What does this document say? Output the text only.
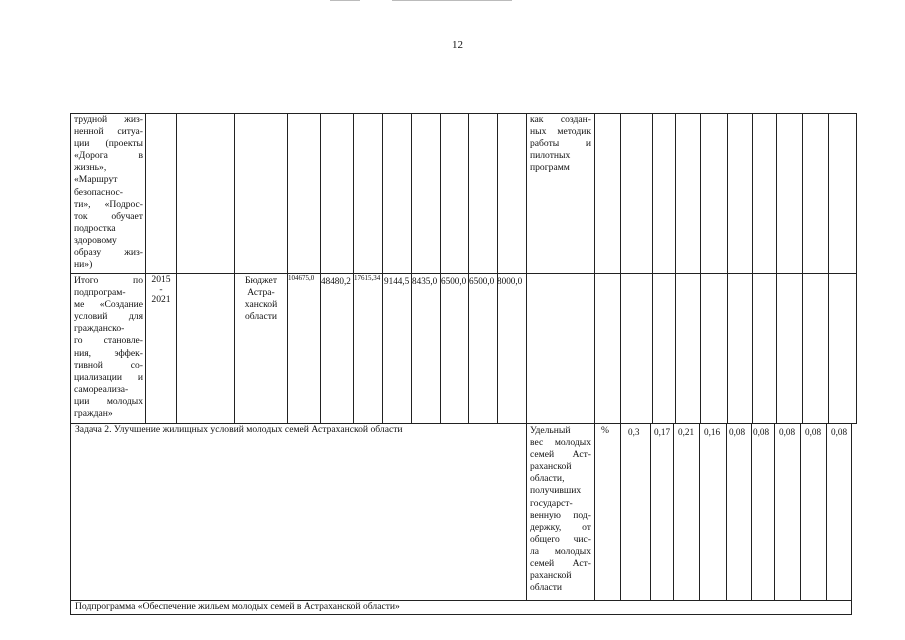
12
трудной жиз-
ненной ситуа-
ции (проекты
«Дорога в
жизнь»,
«Маршрут
безопаснос-
ти», «Подрос-
ток обучает
подростка
здоровому
образу жиз-
ни»)
как создан-
ных методик
работы и
пилотных
программ
Итого по
подпрограм-
ме «Создание
условий для
гражданско-
го становле-
ния, эффек-
тивной со-
циализации и
самореализа-
ции молодых
граждан»
2015
-
2021
Бюджет
Астра-
ханской
области
104675,0 48480,2 17615,34 9144,5 8435,0 6500,0 6500,0 8000,0
Задача 2. Улучшение жилищных условий молодых семей Астраханской области	Удельный
вес молодых
семей Аст-
раханской
области,
получивших
государст-
венную под-
держку, от
общего чис-
ла молодых
семей Аст-
раханской
области
% 0,3 0,17 0,21 0,16 0,08 0,08 0,08 0,08 0,08
Подпрограмма «Обеспечение жильем молодых семей в Астраханской области»
